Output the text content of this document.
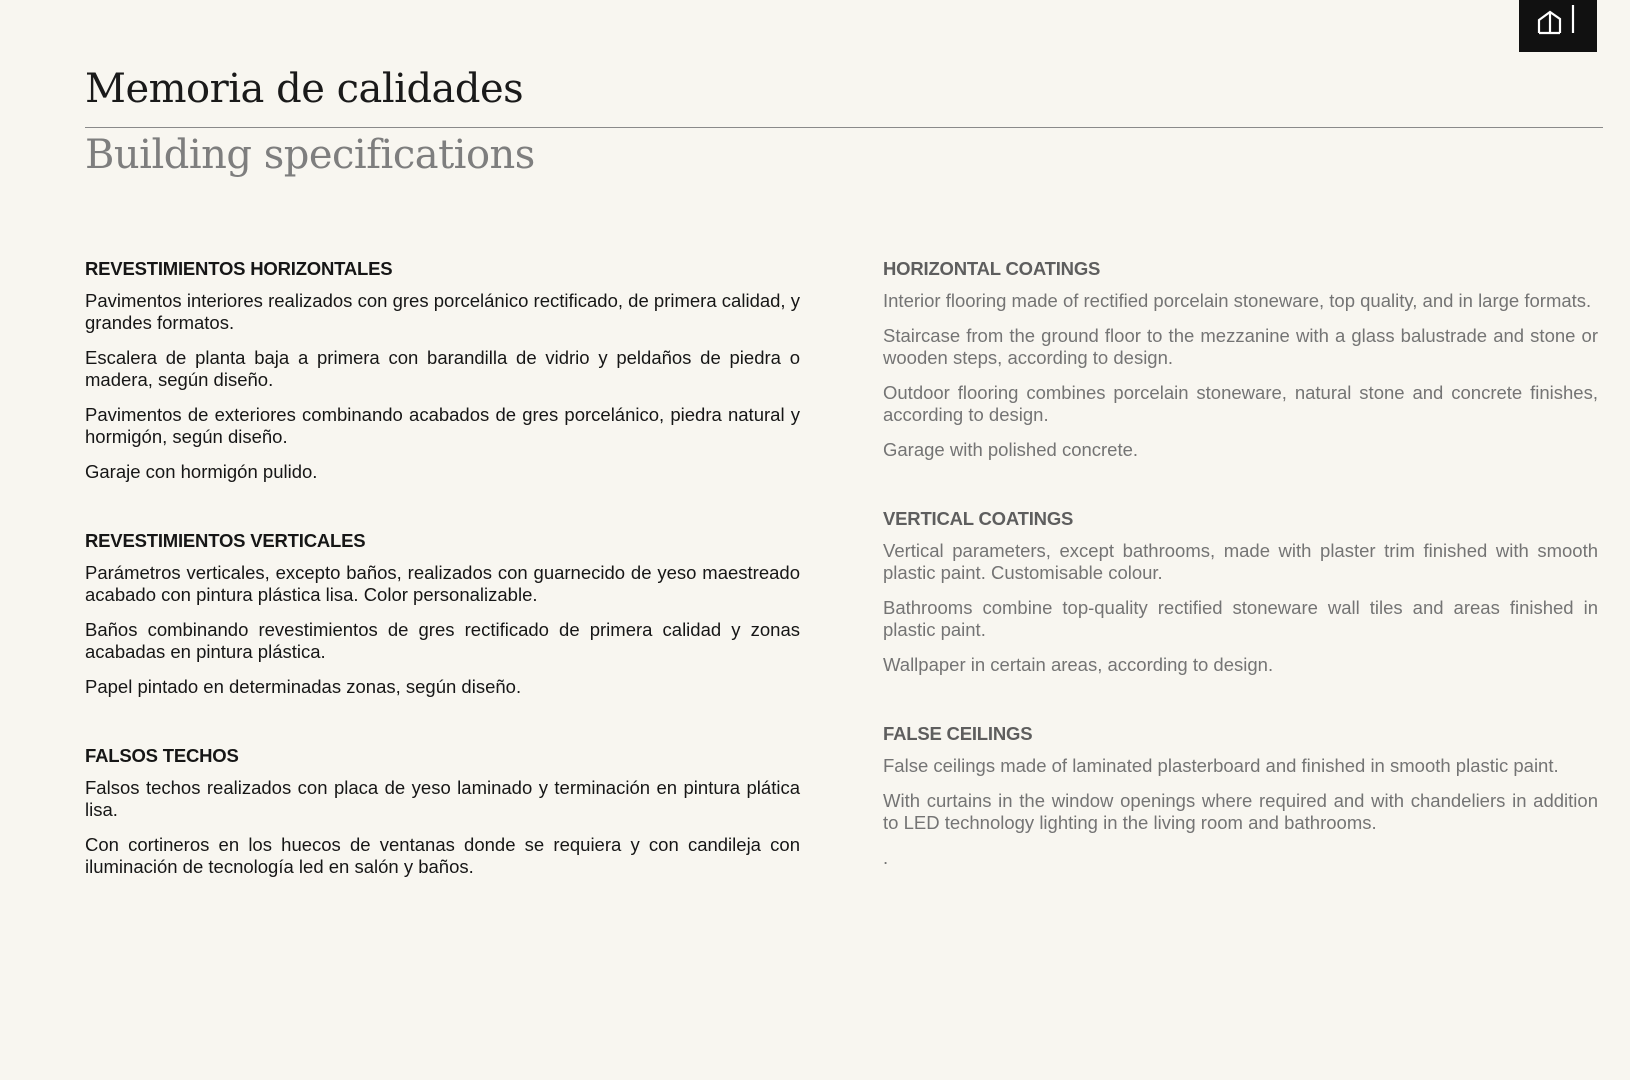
Memoria de calidades
Building specifications
REVESTIMIENTOS HORIZONTALES

Pavimentos interiores realizados con gres porcelánico rectificado, de primera calidad, y grandes formatos.

Escalera de planta baja a primera con barandilla de vidrio y peldaños de piedra o madera, según diseño.

Pavimentos de exteriores combinando acabados de gres porcelánico, piedra natural y hormigón, según diseño.

Garaje con hormigón pulido.

REVESTIMIENTOS VERTICALES

Parámetros verticales, excepto baños, realizados con guarnecido de yeso maestreado acabado con pintura plástica lisa. Color personalizable.

Baños combinando revestimientos de gres rectificado de primera calidad y zonas acabadas en pintura plástica.

Papel pintado en determinadas zonas, según diseño.

FALSOS TECHOS

Falsos techos realizados con placa de yeso laminado y terminación en pintura plática lisa.

Con cortineros en los huecos de ventanas donde se requiera y con candileja con iluminación de tecnología led en salón y baños.

HORIZONTAL COATINGS

Interior flooring made of rectified porcelain stoneware, top quality, and in large formats.

Staircase from the ground floor to the mezzanine with a glass balustrade and stone or wooden steps, according to design.

Outdoor flooring combines porcelain stoneware, natural stone and concrete finishes, according to design.

Garage with polished concrete.

VERTICAL COATINGS

Vertical parameters, except bathrooms, made with plaster trim finished with smooth plastic paint. Customisable colour.

Bathrooms combine top-quality rectified stoneware wall tiles and areas finished in plastic paint.

Wallpaper in certain areas, according to design.

FALSE CEILINGS

False ceilings made of laminated plasterboard and finished in smooth plastic paint.

With curtains in the window openings where required and with chandeliers in addition to LED technology lighting in the living room and bathrooms.

.
